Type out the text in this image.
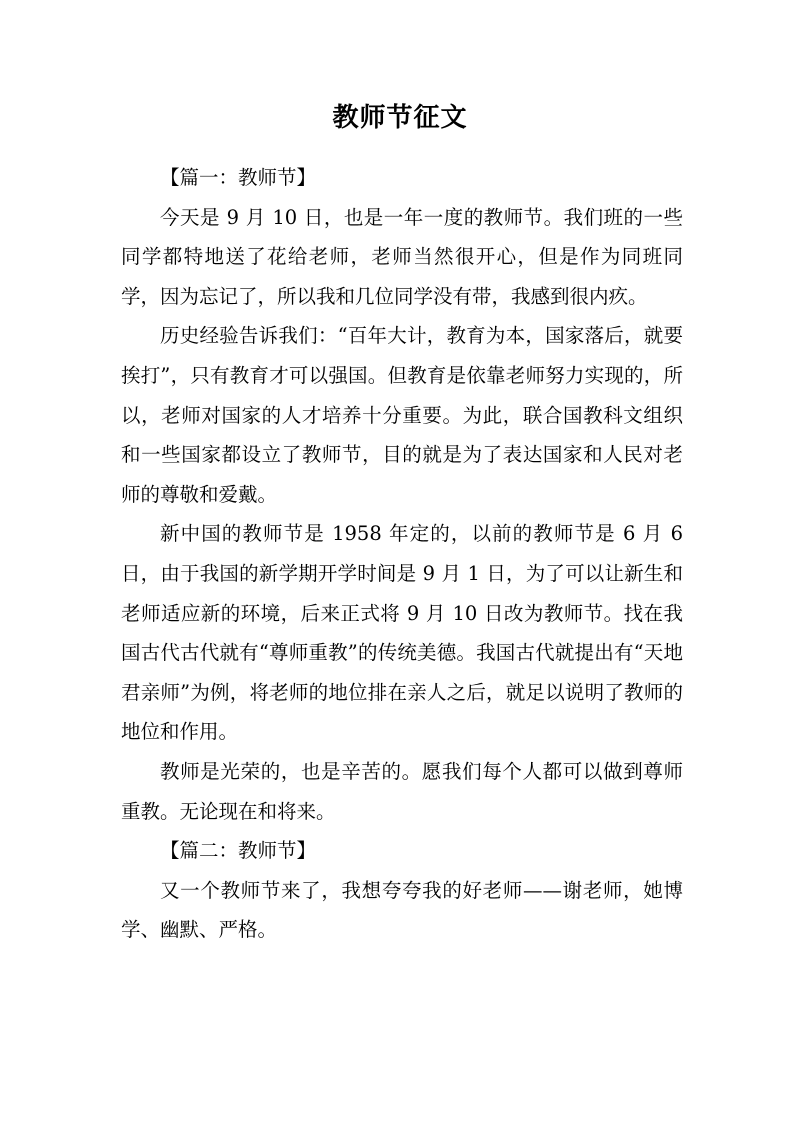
教师节征文

【篇一：教师节】

今天是 9 月 10 日，也是一年一度的教师节。我们班的一些同学都特地送了花给老师，老师当然很开心，但是作为同班同学，因为忘记了，所以我和几位同学没有带，我感到很内疚。

历史经验告诉我们：“百年大计，教育为本，国家落后，就要挨打”，只有教育才可以强国。但教育是依靠老师努力实现的，所以，老师对国家的人才培养十分重要。为此，联合国教科文组织和一些国家都设立了教师节，目的就是为了表达国家和人民对老师的尊敬和爱戴。

新中国的教师节是 1958 年定的，以前的教师节是 6 月 6 日，由于我国的新学期开学时间是 9 月 1 日，为了可以让新生和老师适应新的环境，后来正式将 9 月 10 日改为教师节。找在我国古代古代就有“尊师重教”的传统美德。我国古代就提出有“天地君亲师”为例，将老师的地位排在亲人之后，就足以说明了教师的地位和作用。

教师是光荣的，也是辛苦的。愿我们每个人都可以做到尊师重教。无论现在和将来。

【篇二：教师节】

又一个教师节来了，我想夸夸我的好老师——谢老师，她博学、幽默、严格。
